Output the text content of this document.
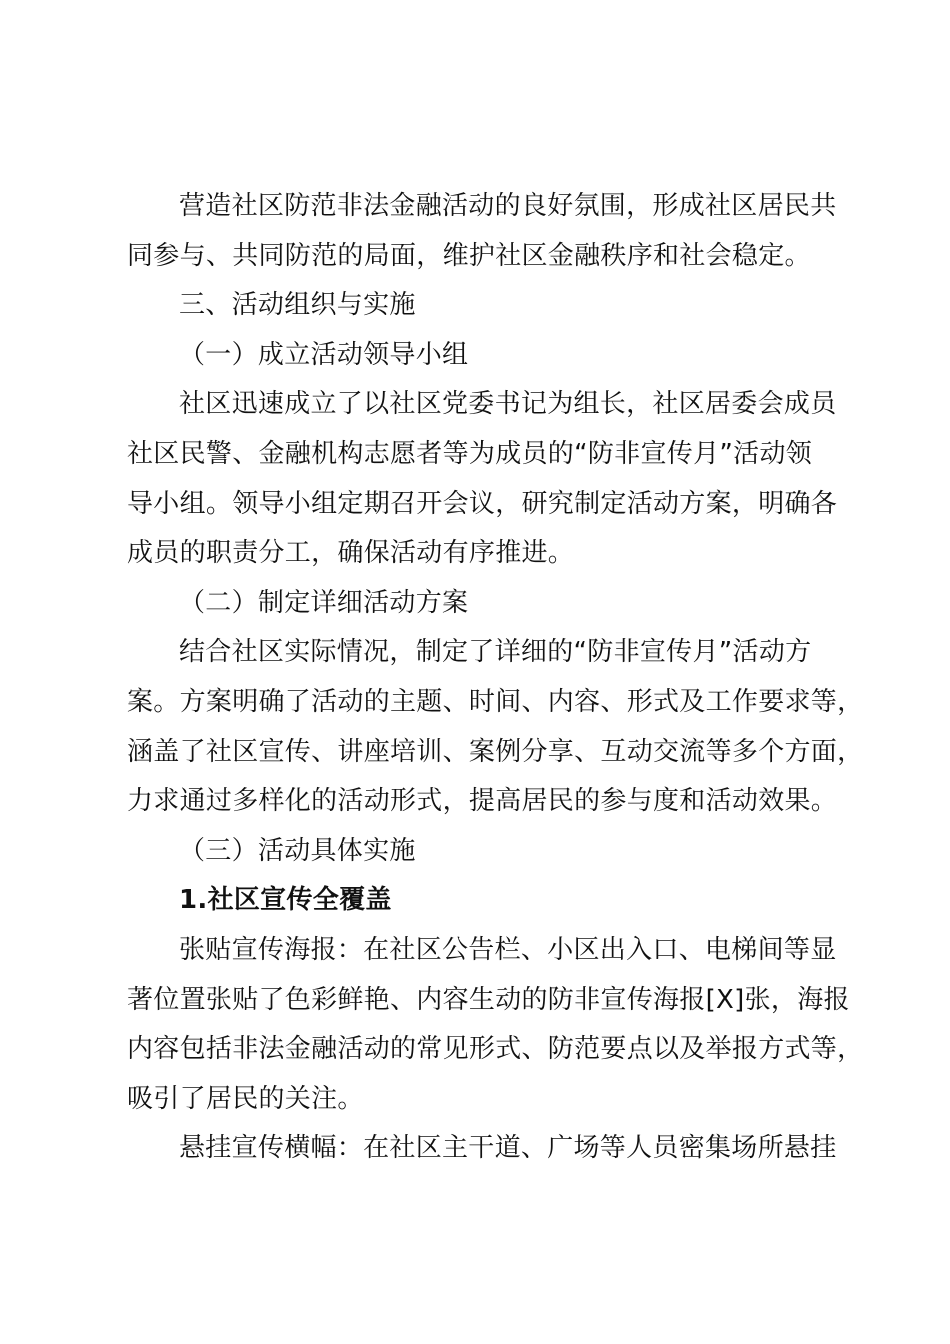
营造社区防范非法金融活动的良好氛围，形成社区居民共

同参与、共同防范的局面，维护社区金融秩序和社会稳定。

三、活动组织与实施

（一）成立活动领导小组

社区迅速成立了以社区党委书记为组长，社区居委会成员

社区民警、金融机构志愿者等为成员的“防非宣传月”活动领

导小组。领导小组定期召开会议，研究制定活动方案，明确各

成员的职责分工，确保活动有序推进。

（二）制定详细活动方案

结合社区实际情况，制定了详细的“防非宣传月”活动方

案。方案明确了活动的主题、时间、内容、形式及工作要求等，

涵盖了社区宣传、讲座培训、案例分享、互动交流等多个方面，

力求通过多样化的活动形式，提高居民的参与度和活动效果。

（三）活动具体实施

1.社区宣传全覆盖

张贴宣传海报：在社区公告栏、小区出入口、电梯间等显

著位置张贴了色彩鲜艳、内容生动的防非宣传海报[X]张，海报

内容包括非法金融活动的常见形式、防范要点以及举报方式等，

吸引了居民的关注。

悬挂宣传横幅：在社区主干道、广场等人员密集场所悬挂
